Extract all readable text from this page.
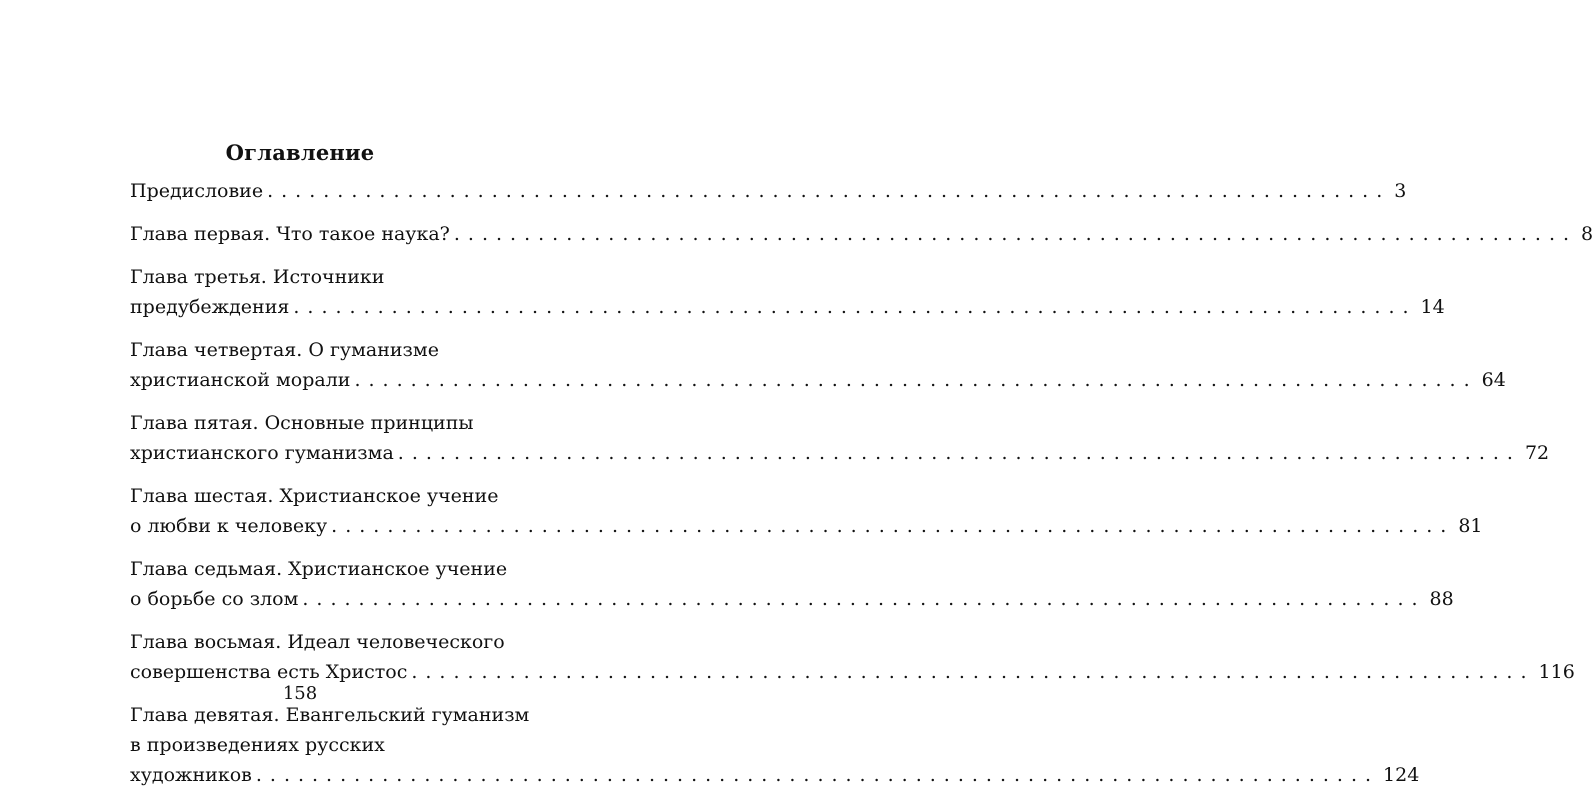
Оглавление
Предисловие ................................................................................ 3
Глава первая. Что такое наука? ................................................................................ 8
Глава третья. Источники
предубеждения ................................................................................ 14
Глава четвертая. О гуманизме
христианской морали ................................................................................ 64
Глава пятая. Основные принципы
христианского гуманизма ................................................................................ 72
Глава шестая. Христианское учение
о любви к человеку ................................................................................ 81
Глава седьмая. Христианское учение
о борьбе со злом ................................................................................ 88
Глава восьмая. Идеал человеческого
совершенства есть Христос ................................................................................ 116
Глава девятая. Евангельский гуманизм
в произведениях русских
художников ................................................................................ 124
158
